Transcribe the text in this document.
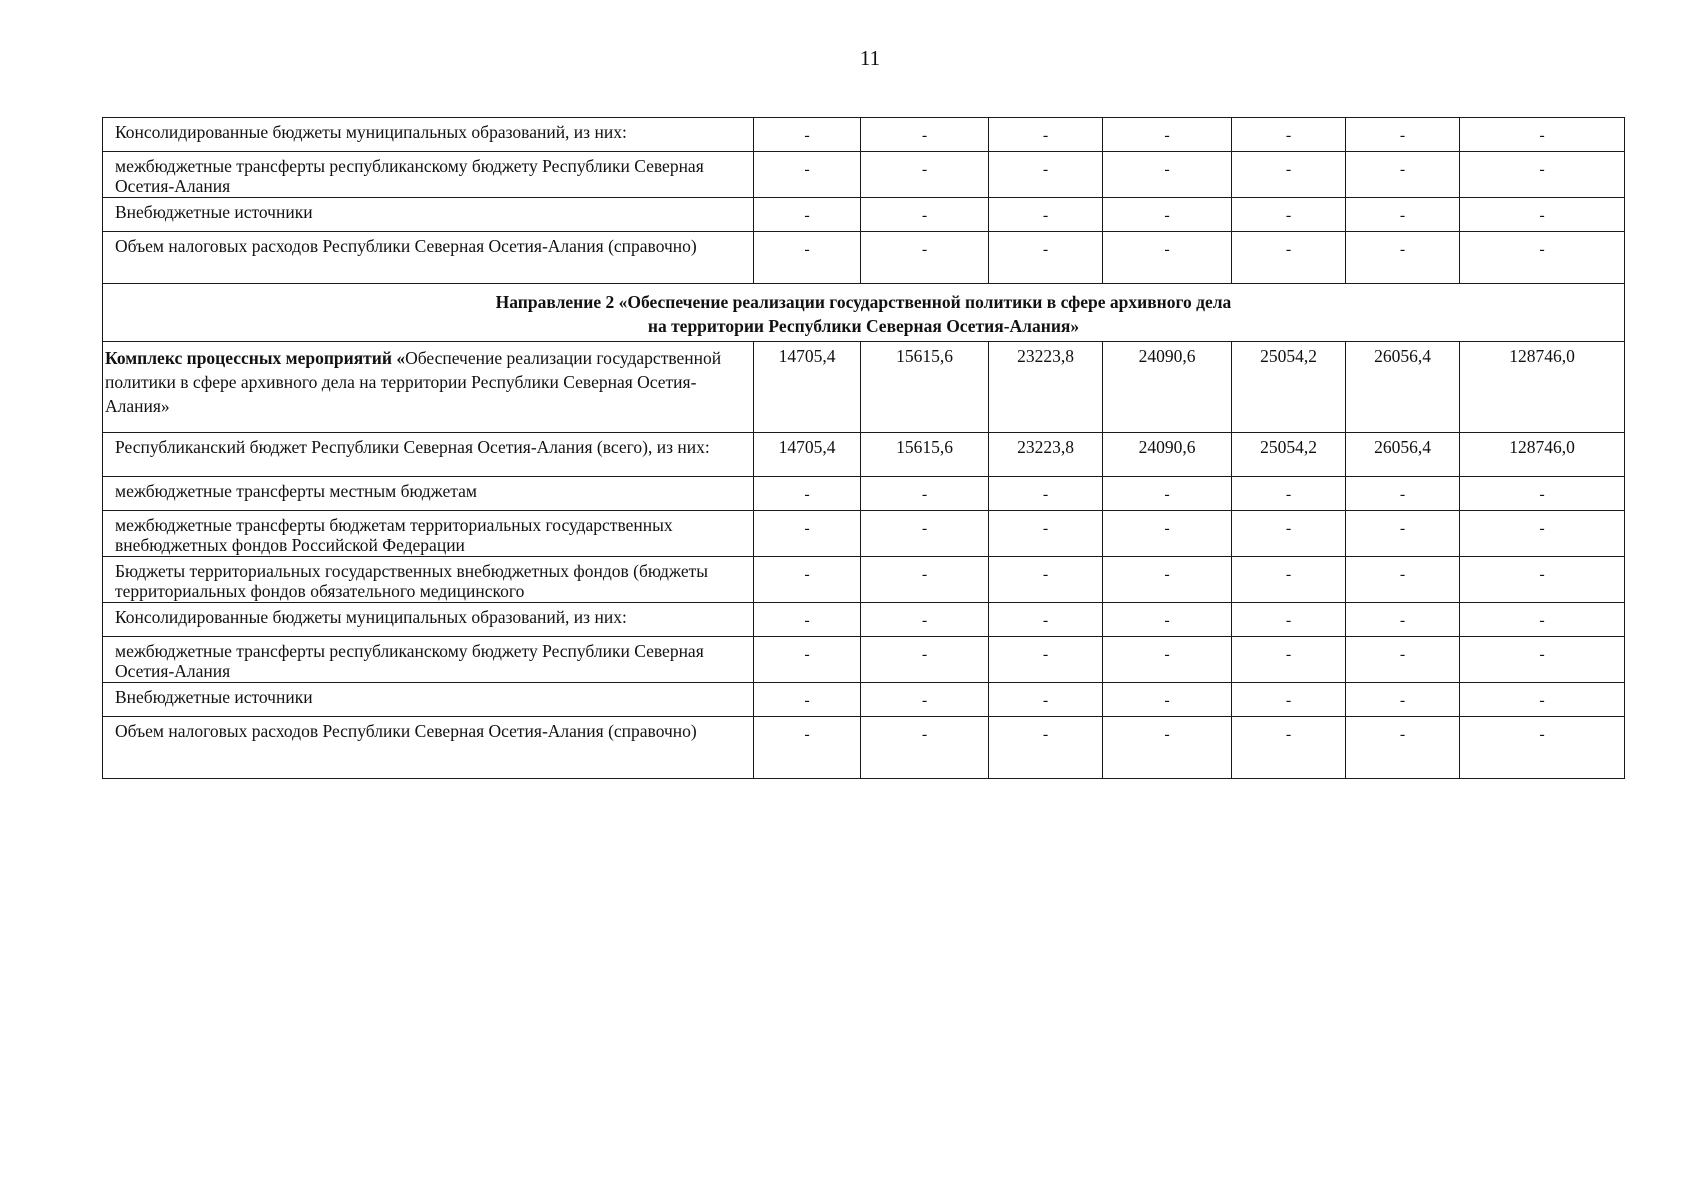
11
Консолидированные бюджеты муниципальных образований, из них:	-	-	-	-	-	-	-
межбюджетные трансферты республиканскому бюджету Республики Северная Осетия-Алания	-	-	-	-	-	-	-
Внебюджетные источники	-	-	-	-	-	-	-
Объем налоговых расходов Республики Северная Осетия-Алания (справочно)	-	-	-	-	-	-	-

Направление 2 «Обеспечение реализации государственной политики в сфере архивного дела
на территории Республики Северная Осетия-Алания»							

Комплекс процессных мероприятий «Обеспечение реализации государственной политики в сфере архивного дела на территории Республики Северная Осетия-Алания»	14705,4	15615,6	23223,8	24090,6	25054,2	26056,4	128746,0
Республиканский бюджет Республики Северная Осетия-Алания (всего), из них:	14705,4	15615,6	23223,8	24090,6	25054,2	26056,4	128746,0
межбюджетные трансферты местным бюджетам	-	-	-	-	-	-	-
межбюджетные трансферты бюджетам территориальных государственных внебюджетных фондов Российской Федерации	-	-	-	-	-	-	-
Бюджеты территориальных государственных внебюджетных фондов (бюджеты территориальных фондов обязательного медицинского	-	-	-	-	-	-	-
Консолидированные бюджеты муниципальных образований, из них:	-	-	-	-	-	-	-
межбюджетные трансферты республиканскому бюджету Республики Северная Осетия-Алания	-	-	-	-	-	-	-
Внебюджетные источники	-	-	-	-	-	-	-
Объем налоговых расходов Республики Северная Осетия-Алания (справочно)	-	-	-	-	-	-	-
